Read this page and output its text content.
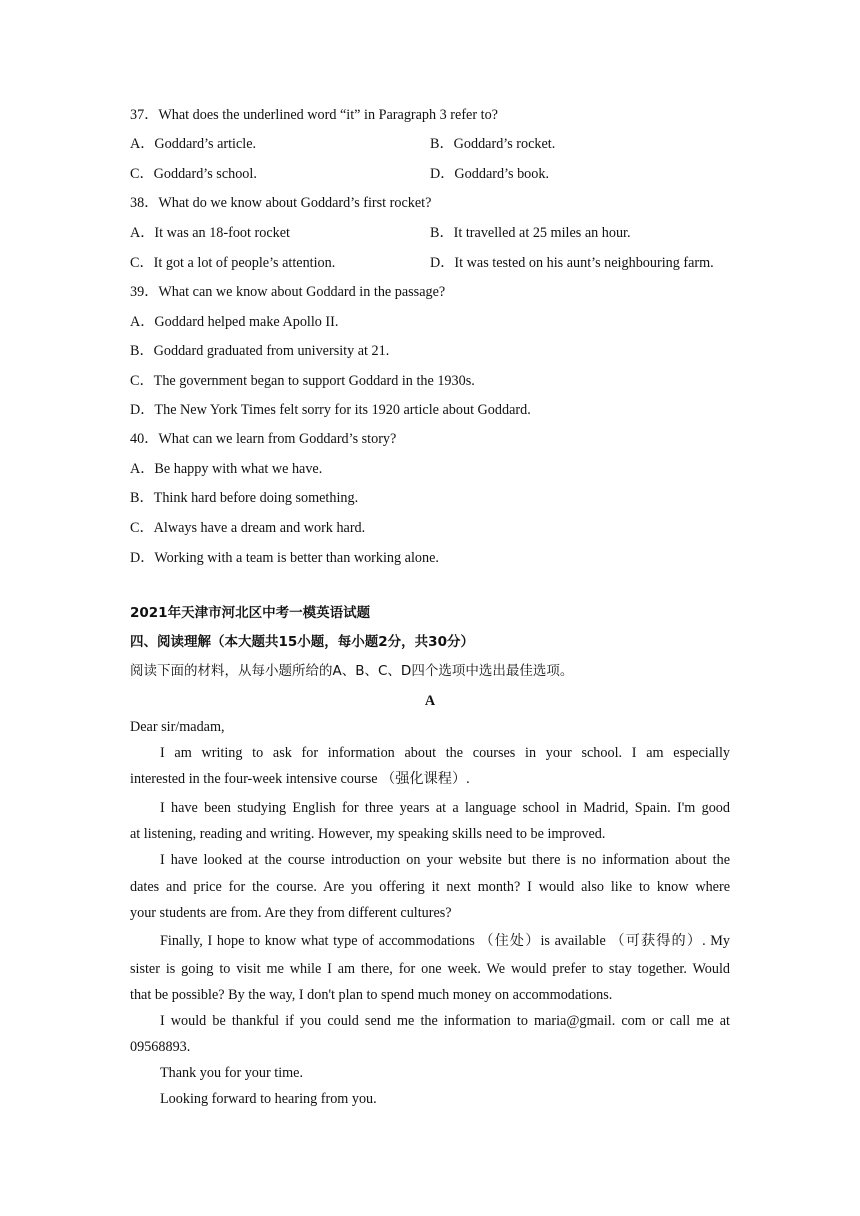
37．What does the underlined word “it” in Paragraph 3 refer to?
A．Goddard’s article.	B．Goddard’s rocket.
C．Goddard’s school.	D．Goddard’s book.
38．What do we know about Goddard’s first rocket?
A．It was an 18-foot rocket	B．It travelled at 25 miles an hour.
C．It got a lot of people’s attention.	D．It was tested on his aunt’s neighbouring farm.
39．What can we know about Goddard in the passage?
A．Goddard helped make Apollo II.
B．Goddard graduated from university at 21.
C．The government began to support Goddard in the 1930s.
D．The New York Times felt sorry for its 1920 article about Goddard.
40．What can we learn from Goddard’s story?
A．Be happy with what we have.
B．Think hard before doing something.
C．Always have a dream and work hard.
D．Working with a team is better than working alone.
2021年天津市河北区中考一模英语试题
四、阅读理解（本大题共15小题，每小题2分，共30分）
阅读下面的材料，从每小题所给的A、B、C、D四个选项中选出最佳选项。
A
Dear sir/madam,
I am writing to ask for information about the courses in your school. I am especially
interested in the four-week intensive course （强化课程）.
I have been studying English for three years at a language school in Madrid, Spain. I'm good
at listening, reading and writing. However, my speaking skills need to be improved.
I have looked at the course introduction on your website but there is no information about the
dates and price for the course. Are you offering it next month? I would also like to know where
your students are from. Are they from different cultures?
Finally, I hope to know what type of accommodations （住处）is available （可获得的）. My
sister is going to visit me while I am there, for one week. We would prefer to stay together. Would
that be possible? By the way, I don't plan to spend much money on accommodations.
I would be thankful if you could send me the information to maria@gmail. com or call me at
09568893.
Thank you for your time.
Looking forward to hearing from you.
